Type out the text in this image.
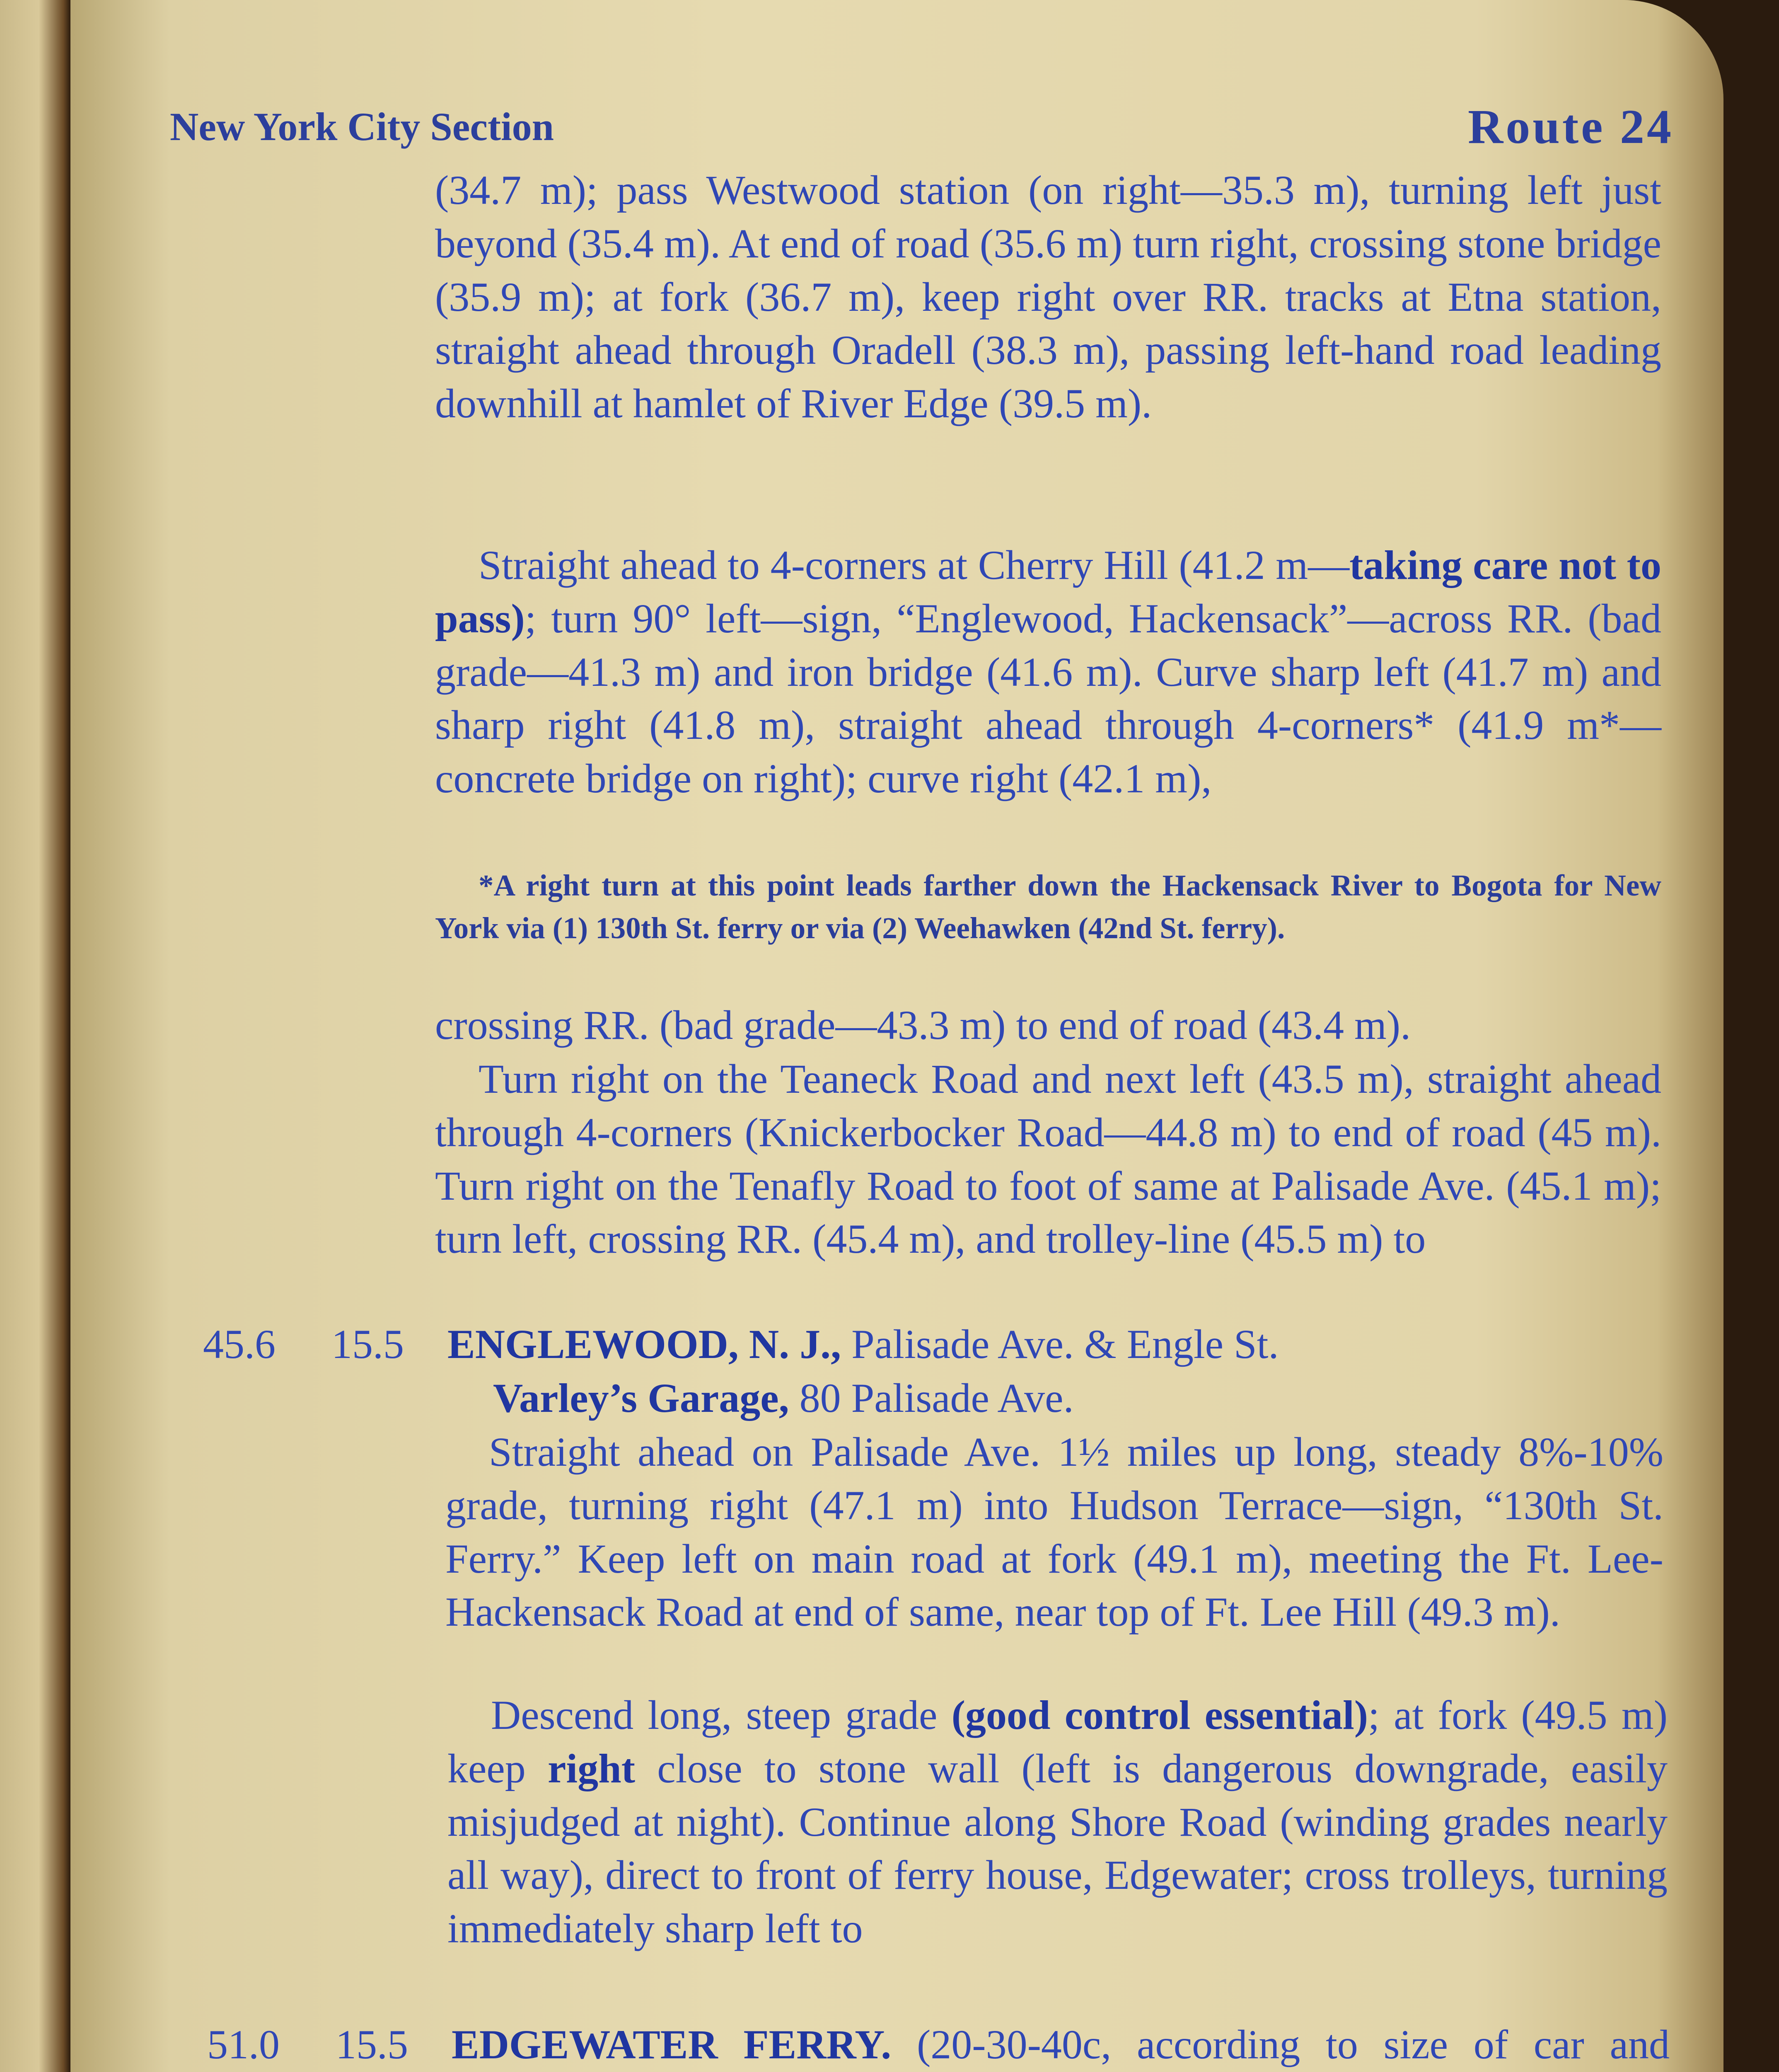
New York City Section	Route 24
(34.7 m); pass Westwood station (on right—35.3 m), turning left just beyond (35.4 m). At end of road (35.6 m) turn right, crossing stone bridge (35.9 m); at fork (36.7 m), keep right over RR. tracks at Etna station, straight ahead through Oradell (38.3 m), passing left-hand road leading downhill at hamlet of River Edge (39.5 m).
Straight ahead to 4-corners at Cherry Hill (41.2 m—taking care not to pass); turn 90° left—sign, “Englewood, Hackensack”—across RR. (bad grade—41.3 m) and iron bridge (41.6 m). Curve sharp left (41.7 m) and sharp right (41.8 m), straight ahead through 4-corners* (41.9 m*—concrete bridge on right); curve right (42.1 m),
*A right turn at this point leads farther down the Hackensack River to Bogota for New York via (1) 130th St. ferry or via (2) Weehawken (42nd St. ferry).
crossing RR. (bad grade—43.3 m) to end of road (43.4 m).
Turn right on the Teaneck Road and next left (43.5 m), straight ahead through 4-corners (Knickerbocker Road—44.8 m) to end of road (45 m). Turn right on the Tenafly Road to foot of same at Palisade Ave. (45.1 m); turn left, crossing RR. (45.4 m), and trolley-line (45.5 m) to
45.6 15.5 ENGLEWOOD, N. J., Palisade Ave. & Engle St.
Varley’s Garage, 80 Palisade Ave.
Straight ahead on Palisade Ave. 1½ miles up long, steady 8%-10% grade, turning right (47.1 m) into Hudson Terrace—sign, “130th St. Ferry.” Keep left on main road at fork (49.1 m), meeting the Ft. Lee-Hackensack Road at end of same, near top of Ft. Lee Hill (49.3 m).
Descend long, steep grade (good control essential); at fork (49.5 m) keep right close to stone wall (left is dangerous downgrade, easily misjudged at night). Continue along Shore Road (winding grades nearly all way), direct to front of ferry house, Edgewater; cross trolleys, turning immediately sharp left to
51.0 15.5 EDGEWATER FERRY. (20-30-40c, according to size of car and
